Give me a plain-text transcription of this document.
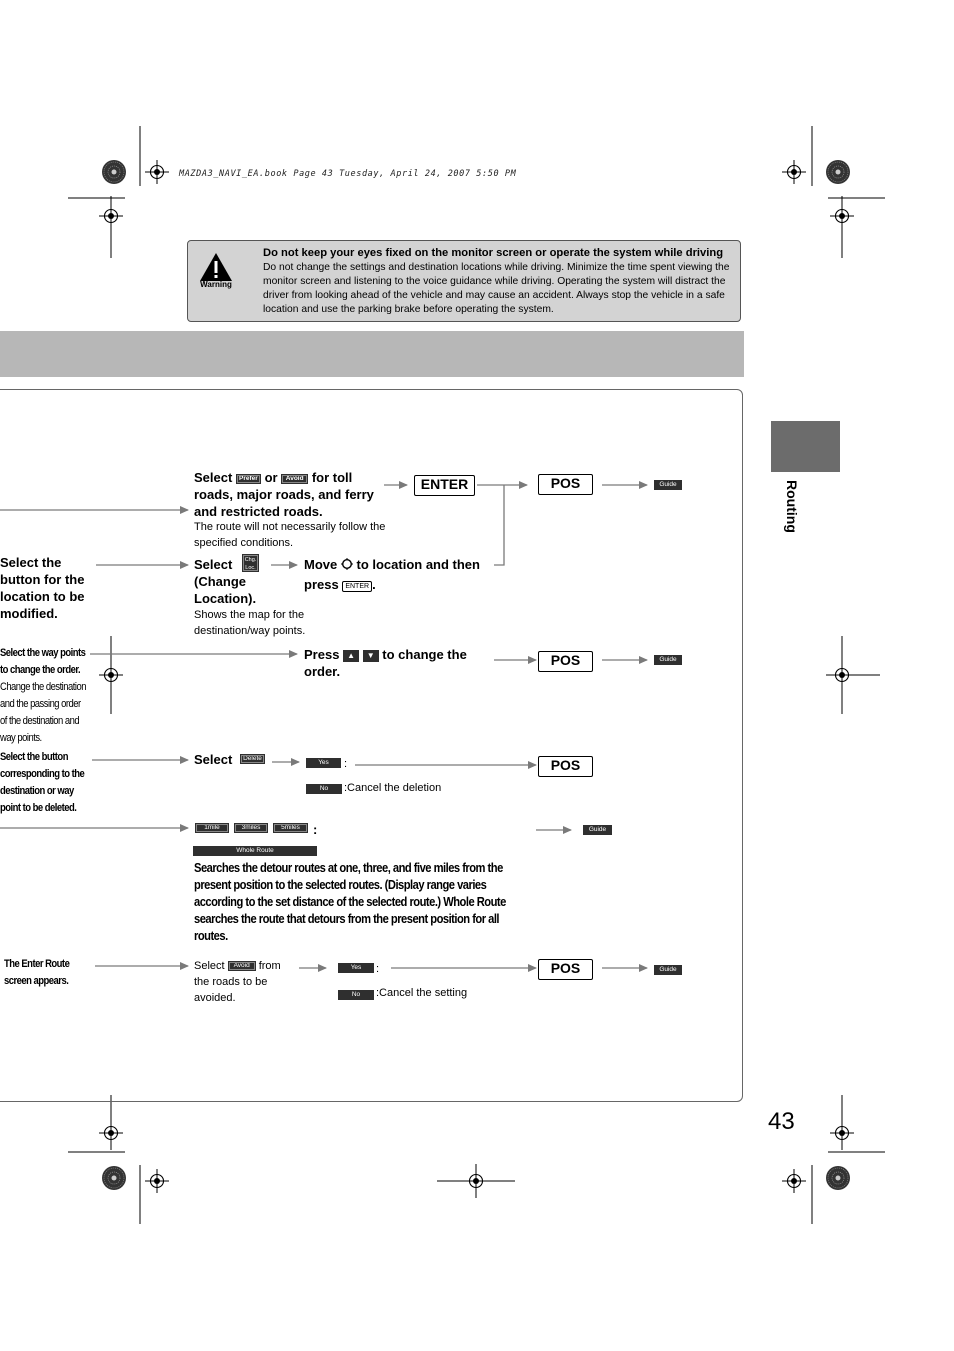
MAZDA3_NAVI_EA.book Page 43 Tuesday, April 24, 2007 5:50 PM
Warning
Do not keep your eyes fixed on the monitor screen or operate the system while driving
Do not change the settings and destination locations while driving. Minimize the time spent viewing the monitor screen and listening to the voice guidance while driving. Operating the system will distract the driver from looking ahead of the vehicle and may cause an accident. Always stop the vehicle in a safe location and use the parking brake before operating the system.
Routing
43
Select Prefer or Avoid for toll roads, major roads, and ferry and restricted roads.
The route will not necessarily follow the specified conditions.
ENTER	POS	Guide
Select the button for the location to be modified.
Select	Chg. Loc.
(Change Location).
Shows the map for the destination/way points.
Move to location and then
press ENTER .
Select the way points to change the order.
Change the destination and the passing order of the destination and way points.
Press ▲ ▼ to change the order.
POS	Guide
Select the button corresponding to the destination or way point to be deleted.
Select	Delete
Yes	:
No	:Cancel the deletion
POS
1mile	3miles	5miles	:
Whole Route
Searches the detour routes at one, three, and five miles from the present position to the selected routes. (Display range varies according to the set distance of the selected route.) Whole Route searches the route that detours from the present position for all routes.
Guide
The Enter Route screen appears.
Select Avoid from the roads to be avoided.
Yes	:
No	:Cancel the setting
POS	Guide
